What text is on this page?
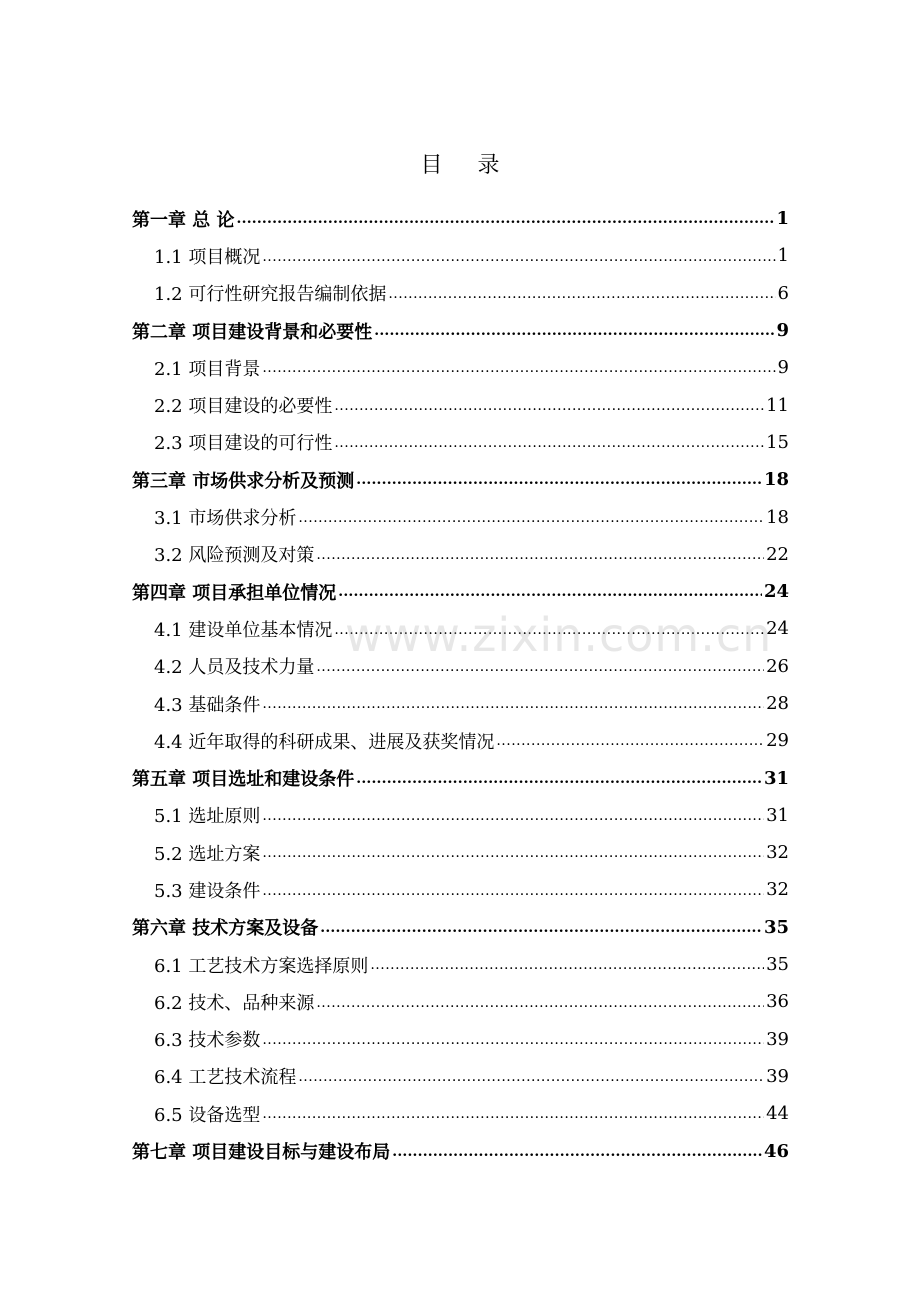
目 录
第一章 总 论 .....	1
1.1 项目概况 .....	1
1.2 可行性研究报告编制依据 .....	6
第二章 项目建设背景和必要性 .....	9
2.1 项目背景 .....	9
2.2 项目建设的必要性 .....	11
2.3 项目建设的可行性 .....	15
第三章 市场供求分析及预测 .....	18
3.1 市场供求分析 .....	18
3.2 风险预测及对策 .....	22
第四章 项目承担单位情况 .....	24
4.1 建设单位基本情况 .....	24
4.2 人员及技术力量 .....	26
4.3 基础条件 .....	28
4.4 近年取得的科研成果、进展及获奖情况 .....	29
第五章 项目选址和建设条件 .....	31
5.1 选址原则 .....	31
5.2 选址方案 .....	32
5.3 建设条件 .....	32
第六章 技术方案及设备 .....	35
6.1 工艺技术方案选择原则 .....	35
6.2 技术、品种来源 .....	36
6.3 技术参数 .....	39
6.4 工艺技术流程 .....	39
6.5 设备选型 .....	44
第七章 项目建设目标与建设布局 .....	46
www.zixin.com.cn
